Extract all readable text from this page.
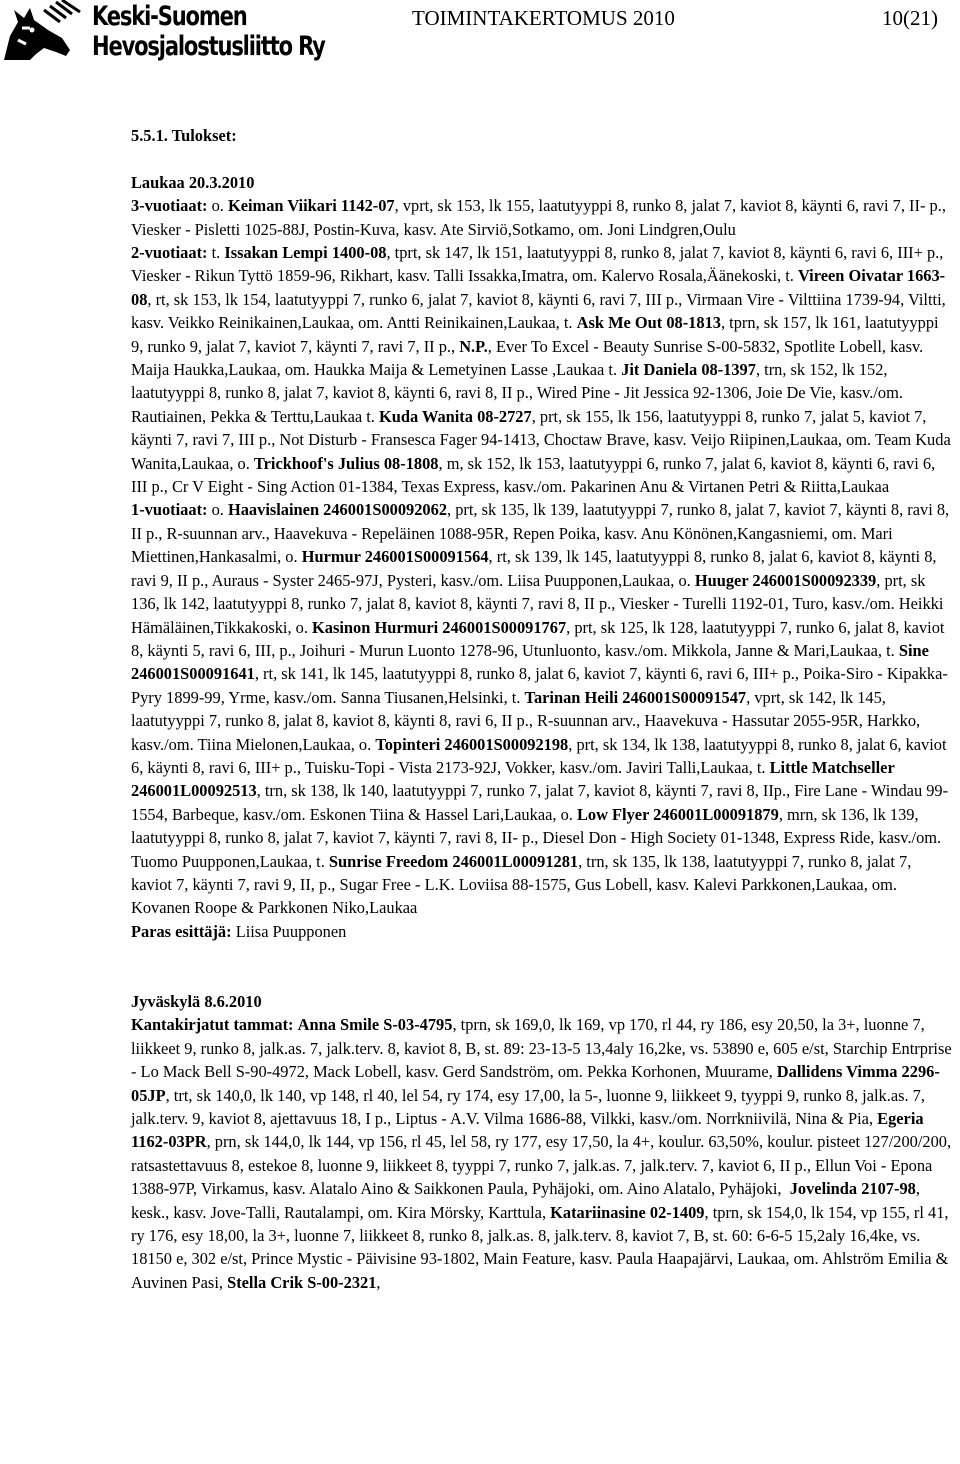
Keski-Suomen
Hevosjalostusliitto Ry
TOIMINTAKERTOMUS 2010	10(21)

5.5.1. Tulokset:

Laukaa 20.3.2010

3-vuotiaat: o. Keiman Viikari 1142-07, vprt, sk 153, lk 155, laatutyyppi 8, runko 8, jalat 7, kaviot 8, käynti 6, ravi 7, II- p., Viesker - Pisletti 1025-88J, Postin-Kuva, kasv. Ate Sirviö,Sotkamo, om. Joni Lindgren,Oulu
2-vuotiaat: t. Issakan Lempi 1400-08, tprt, sk 147, lk 151, laatutyyppi 8, runko 8, jalat 7, kaviot 8, käynti 6, ravi 6, III+ p., Viesker - Rikun Tyttö 1859-96, Rikhart, kasv. Talli Issakka,Imatra, om. Kalervo Rosala,Äänekoski, t. Vireen Oivatar 1663-08, rt, sk 153, lk 154, laatutyyppi 7, runko 6, jalat 7, kaviot 8, käynti 6, ravi 7, III p., Virmaan Vire - Vilttiina 1739-94, Viltti, kasv. Veikko Reinikainen,Laukaa, om. Antti Reinikainen,Laukaa, t. Ask Me Out 08-1813, tprn, sk 157, lk 161, laatutyyppi 9, runko 9, jalat 7, kaviot 7, käynti 7, ravi 7, II p., N.P., Ever To Excel - Beauty Sunrise S-00-5832, Spotlite Lobell, kasv. Maija Haukka,Laukaa, om. Haukka Maija & Lemetyinen Lasse ,Laukaa t. Jit Daniela 08-1397, trn, sk 152, lk 152, laatutyyppi 8, runko 8, jalat 7, kaviot 8, käynti 6, ravi 8, II p., Wired Pine - Jit Jessica 92-1306, Joie De Vie, kasv./om. Rautiainen, Pekka & Terttu,Laukaa t. Kuda Wanita 08-2727, prt, sk 155, lk 156, laatutyyppi 8, runko 7, jalat 5, kaviot 7, käynti 7, ravi 7, III p., Not Disturb - Fransesca Fager 94-1413, Choctaw Brave, kasv. Veijo Riipinen,Laukaa, om. Team Kuda Wanita,Laukaa, o. Trickhoof's Julius 08-1808, m, sk 152, lk 153, laatutyyppi 6, runko 7, jalat 6, kaviot 8, käynti 6, ravi 6, III p., Cr V Eight - Sing Action 01-1384, Texas Express, kasv./om. Pakarinen Anu & Virtanen Petri & Riitta,Laukaa
1-vuotiaat: o. Haavislainen 246001S00092062, prt, sk 135, lk 139, laatutyyppi 7, runko 8, jalat 7, kaviot 7, käynti 8, ravi 8, II p., R-suunnan arv., Haavekuva - Repeläinen 1088-95R, Repen Poika, kasv. Anu Könönen,Kangasniemi, om. Mari Miettinen,Hankasalmi, o. Hurmur 246001S00091564, rt, sk 139, lk 145, laatutyyppi 8, runko 8, jalat 6, kaviot 8, käynti 8, ravi 9, II p., Auraus - Syster 2465-97J, Pysteri, kasv./om. Liisa Puupponen,Laukaa, o. Huuger 246001S00092339, prt, sk 136, lk 142, laatutyyppi 8, runko 7, jalat 8, kaviot 8, käynti 7, ravi 8, II p., Viesker - Turelli 1192-01, Turo, kasv./om. Heikki Hämäläinen,Tikkakoski, o. Kasinon Hurmuri 246001S00091767, prt, sk 125, lk 128, laatutyyppi 7, runko 6, jalat 8, kaviot 8, käynti 5, ravi 6, III, p., Joihuri - Murun Luonto 1278-96, Utunluonto, kasv./om. Mikkola, Janne & Mari,Laukaa, t. Sine 246001S00091641, rt, sk 141, lk 145, laatutyyppi 8, runko 8, jalat 6, kaviot 7, käynti 6, ravi 6, III+ p., Poika-Siro - Kipakka-Pyry 1899-99, Yrme, kasv./om. Sanna Tiusanen,Helsinki, t. Tarinan Heili 246001S00091547, vprt, sk 142, lk 145, laatutyyppi 7, runko 8, jalat 8, kaviot 8, käynti 8, ravi 6, II p., R-suunnan arv., Haavekuva - Hassutar 2055-95R, Harkko, kasv./om. Tiina Mielonen,Laukaa, o. Topinteri 246001S00092198, prt, sk 134, lk 138, laatutyyppi 8, runko 8, jalat 6, kaviot 6, käynti 8, ravi 6, III+ p., Tuisku-Topi - Vista 2173-92J, Vokker, kasv./om. Javiri Talli,Laukaa, t. Little Matchseller 246001L00092513, trn, sk 138, lk 140, laatutyyppi 7, runko 7, jalat 7, kaviot 8, käynti 7, ravi 8, IIp., Fire Lane - Windau 99-1554, Barbeque, kasv./om. Eskonen Tiina & Hassel Lari,Laukaa, o. Low Flyer 246001L00091879, mrn, sk 136, lk 139, laatutyyppi 8, runko 8, jalat 7, kaviot 7, käynti 7, ravi 8, II- p., Diesel Don - High Society 01-1348, Express Ride, kasv./om. Tuomo Puupponen,Laukaa, t. Sunrise Freedom 246001L00091281, trn, sk 135, lk 138, laatutyyppi 7, runko 8, jalat 7, kaviot 7, käynti 7, ravi 9, II, p., Sugar Free - L.K. Loviisa 88-1575, Gus Lobell, kasv. Kalevi Parkkonen,Laukaa, om. Kovanen Roope & Parkkonen Niko,Laukaa
Paras esittäjä: Liisa Puupponen

Jyväskylä 8.6.2010

Kantakirjatut tammat: Anna Smile S-03-4795, tprn, sk 169,0, lk 169, vp 170, rl 44, ry 186, esy 20,50, la 3+, luonne 7, liikkeet 9, runko 8, jalk.as. 7, jalk.terv. 8, kaviot 8, B, st. 89: 23-13-5 13,4aly 16,2ke, vs. 53890 e, 605 e/st, Starchip Entrprise - Lo Mack Bell S-90-4972, Mack Lobell, kasv. Gerd Sandström, om. Pekka Korhonen, Muurame, Dallidens Vimma 2296-05JP, trt, sk 140,0, lk 140, vp 148, rl 40, lel 54, ry 174, esy 17,00, la 5-, luonne 9, liikkeet 9, tyyppi 9, runko 8, jalk.as. 7, jalk.terv. 9, kaviot 8, ajettavuus 18, I p., Liptus - A.V. Vilma 1686-88, Vilkki, kasv./om. Norrkniivilä, Nina & Pia, Egeria 1162-03PR, prn, sk 144,0, lk 144, vp 156, rl 45, lel 58, ry 177, esy 17,50, la 4+, koulur. 63,50%, koulur. pisteet 127/200/200, ratsastettavuus 8, estekoe 8, luonne 9, liikkeet 8, tyyppi 7, runko 7, jalk.as. 7, jalk.terv. 7, kaviot 6, II p., Ellun Voi - Epona 1388-97P, Virkamus, kasv. Alatalo Aino & Saikkonen Paula, Pyhäjoki, om. Aino Alatalo, Pyhäjoki,  Jovelinda 2107-98, kesk., kasv. Jove-Talli, Rautalampi, om. Kira Mörsky, Karttula, Katariinasine 02-1409, tprn, sk 154,0, lk 154, vp 155, rl 41, ry 176, esy 18,00, la 3+, luonne 7, liikkeet 8, runko 8, jalk.as. 8, jalk.terv. 8, kaviot 7, B, st. 60: 6-6-5 15,2aly 16,4ke, vs. 18150 e, 302 e/st, Prince Mystic - Päivisine 93-1802, Main Feature, kasv. Paula Haapajärvi, Laukaa, om. Ahlström Emilia & Auvinen Pasi, Stella Crik S-00-2321,
